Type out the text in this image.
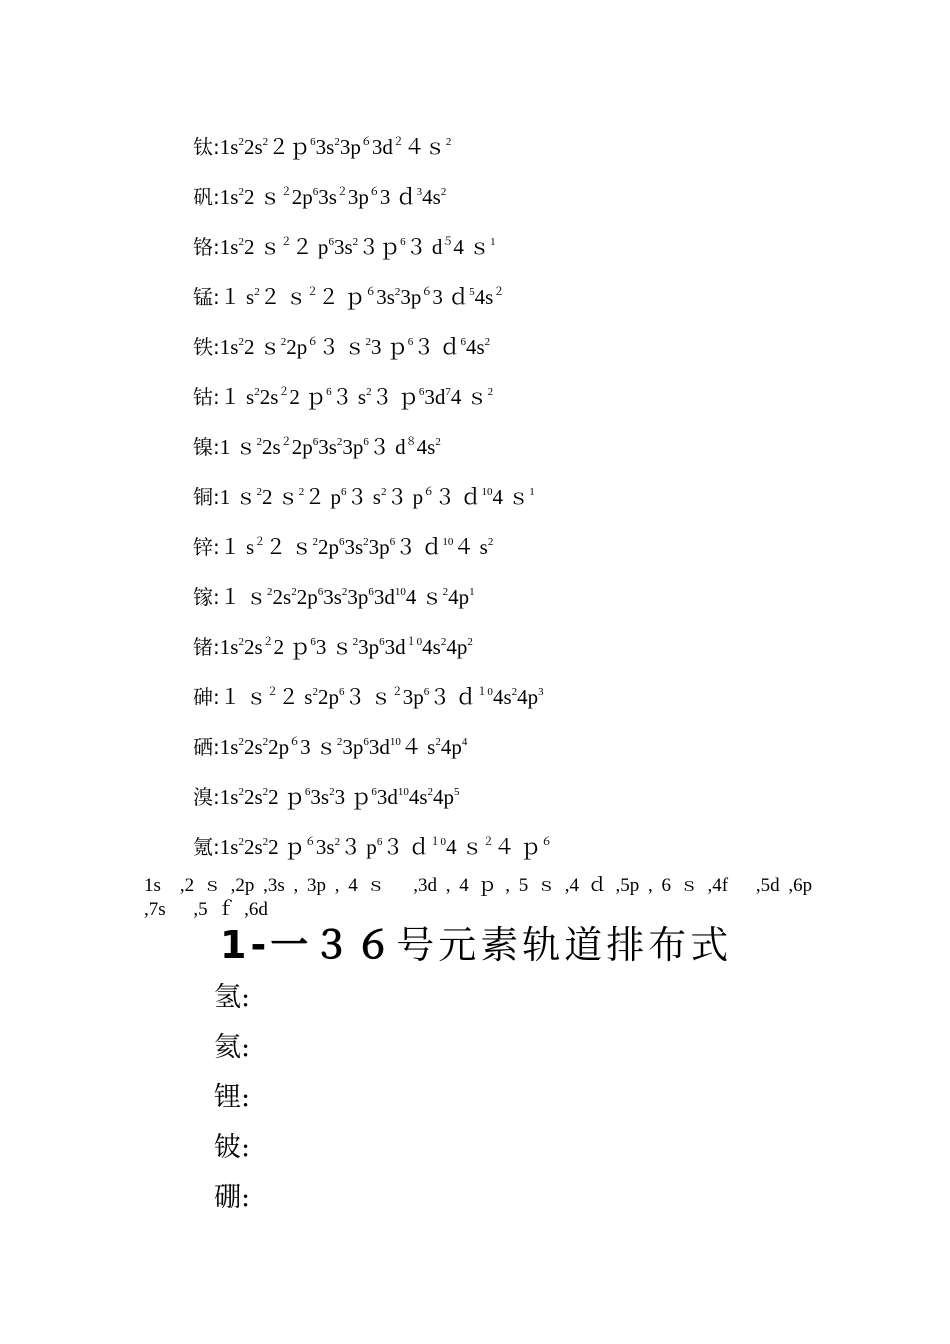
钛$:1s^22s^22p^63s^23p^63d^24s^2$
矾$:1s^22$ $s^22p^63s^23p^63$ $d^34s^2$
铬$:1s^22$ ｓ$^2$２ $p^63s^23p^63$ $d^54$ ｓ$^1$
锰:１ $s^22$ ｓ$^2$２ $p^63s^23p^63$ $d^54s^2$
铁$:1s^22$ $s^22p^63$ ｓ$^2$3 ｐ$^6$３ $d^64s^2$
钴:１ $s^22s^22$ ｐ$^6$３ $s^23$ $p^63d^74$ ｓ$^2$
镍:1 $s^22s^22p^63s^23p^63$ $d^84s^2$
铜:1 ｓ$^2$2 ｓ$^2$２ $p^63$ $s^23$ $p^63$ ｄ$^{10}$4 ｓ$^1$
锌:１ $s^22$ $s^22p^63s^23p^63$ ｄ$^{10}$４ $s^2$
镓:１ $s^22s^22p^63s^23p^63d^{10}4$ $s^24p^1$
锗$:1s^22s^22$ ｐ$^6$3 $s^23p^63d^{10}4s^24p^2$
砷:１ ｓ$^2$２ $s^22p^63$ $s^23p^63$ $d^{10}4s^24p^3$
硒$:1s^22s^22p^63$ $s^23p^63d^{10}4$ $s^24p^4$
溴$:1s^22s^22$ $p^63s^23$ $p^63d^{10}4s^24p^5$
氪$:1s^22s^22$ $p^63s^23$ $p^63$ ｄ$^{10}$4 ｓ$^2$４ ｐ$^6$
1s　,2 ｓ ,2p ,3s , 3p , 4 ｓ　 ,3d , 4 ｐ , 5 ｓ ,4 ｄ ,5p , 6 ｓ ,4f　 ,5d ,6p ,7s　 ,5 ｆ ,6d
1-一３６号元素轨道排布式
氢:
氦:
锂:
铍:
硼:
